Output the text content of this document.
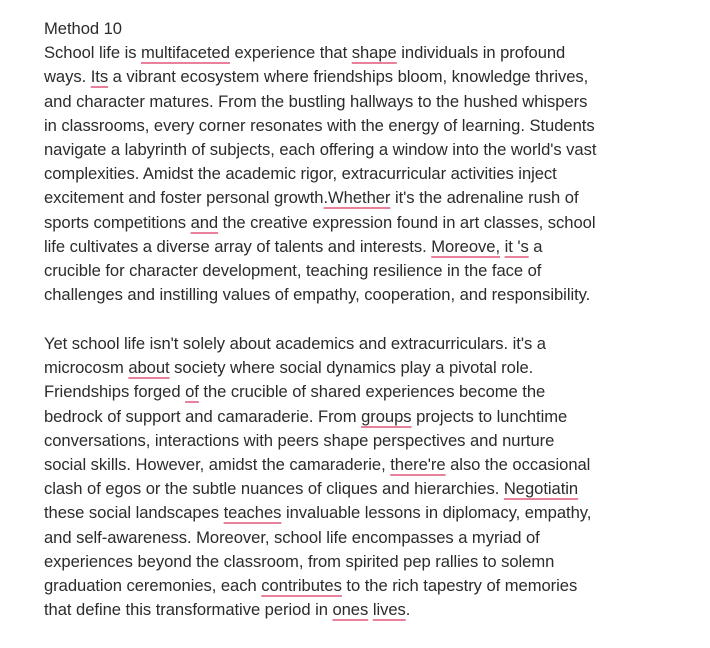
Method 10
School life is multifaceted experience that shape individuals in profound
ways. Its a vibrant ecosystem where friendships bloom, knowledge thrives,
and character matures. From the bustling hallways to the hushed whispers
in classrooms, every corner resonates with the energy of learning. Students
navigate a labyrinth of subjects, each offering a window into the world's vast
complexities. Amidst the academic rigor, extracurricular activities inject
excitement and foster personal growth.Whether it's the adrenaline rush of
sports competitions and the creative expression found in art classes, school
life cultivates a diverse array of talents and interests. Moreove, it 's a
crucible for character development, teaching resilience in the face of
challenges and instilling values of empathy, cooperation, and responsibility.
Yet school life isn't solely about academics and extracurriculars. it's a
microcosm about society where social dynamics play a pivotal role.
Friendships forged of the crucible of shared experiences become the
bedrock of support and camaraderie. From groups projects to lunchtime
conversations, interactions with peers shape perspectives and nurture
social skills. However, amidst the camaraderie, there're also the occasional
clash of egos or the subtle nuances of cliques and hierarchies. Negotiatin
these social landscapes teaches invaluable lessons in diplomacy, empathy,
and self-awareness. Moreover, school life encompasses a myriad of
experiences beyond the classroom, from spirited pep rallies to solemn
graduation ceremonies, each contributes to the rich tapestry of memories
that define this transformative period in ones lives.
